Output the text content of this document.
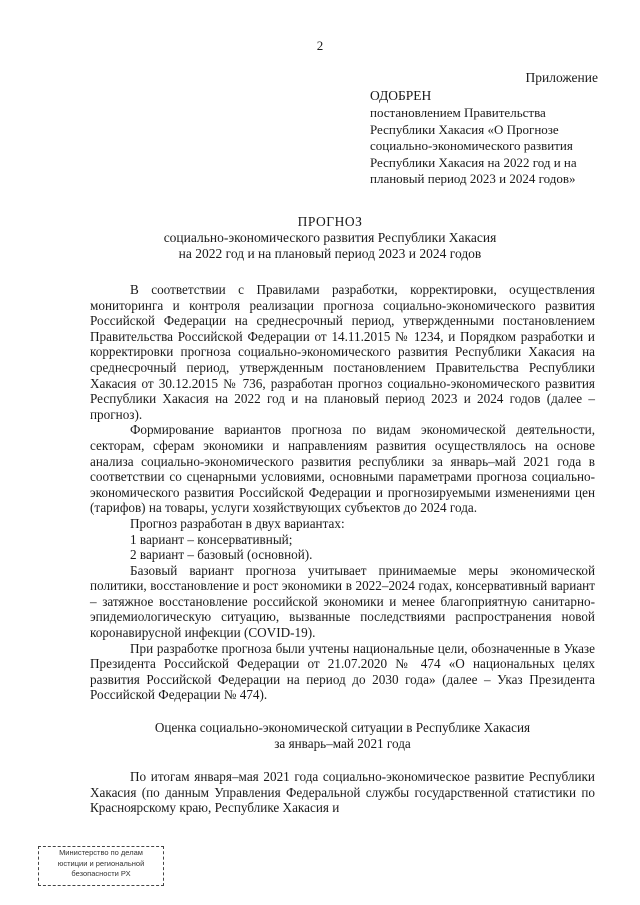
2
Приложение
ОДОБРЕН
постановлением Правительства
Республики Хакасия «О Прогнозе
социально-экономического развития
Республики Хакасия на 2022 год и на
плановый период 2023 и 2024 годов»
ПРОГНОЗ
социально-экономического развития Республики Хакасия
на 2022 год и на плановый период 2023 и 2024 годов

В соответствии с Правилами разработки, корректировки, осуществления мониторинга и контроля реализации прогноза социально-экономического развития Российской Федерации на среднесрочный период, утвержденными постановлением Правительства Российской Федерации от 14.11.2015 № 1234, и Порядком разработки и корректировки прогноза социально-экономического развития Республики Хакасия на среднесрочный период, утвержденным постановлением Правительства Республики Хакасия от 30.12.2015 № 736, разработан прогноз социально-экономического развития Республики Хакасия на 2022 год и на плановый период 2023 и 2024 годов (далее – прогноз).

Формирование вариантов прогноза по видам экономической деятельности, секторам, сферам экономики и направлениям развития осуществлялось на основе анализа социально-экономического развития республики за январь–май 2021 года в соответствии со сценарными условиями, основными параметрами прогноза социально-экономического развития Российской Федерации и прогнозируемыми изменениями цен (тарифов) на товары, услуги хозяйствующих субъектов до 2024 года.

Прогноз разработан в двух вариантах:

1 вариант – консервативный;

2 вариант – базовый (основной).

Базовый вариант прогноза учитывает принимаемые меры экономической политики, восстановление и рост экономики в 2022–2024 годах, консервативный вариант – затяжное восстановление российской экономики и менее благоприятную санитарно-эпидемиологическую ситуацию, вызванные последствиями распространения новой коронавирусной инфекции (COVID-19).

При разработке прогноза были учтены национальные цели, обозначенные в Указе Президента Российской Федерации от 21.07.2020 № 474 «О национальных целях развития Российской Федерации на период до 2030 года» (далее – Указ Президента Российской Федерации № 474).

Оценка социально-экономической ситуации в Республике Хакасия
за январь–май 2021 года

По итогам января–мая 2021 года социально-экономическое развитие Республики Хакасия (по данным Управления Федеральной службы государственной статистики по Красноярскому краю, Республике Хакасия и

Министерство по делам
юстиции и региональной
безопасности РХ
